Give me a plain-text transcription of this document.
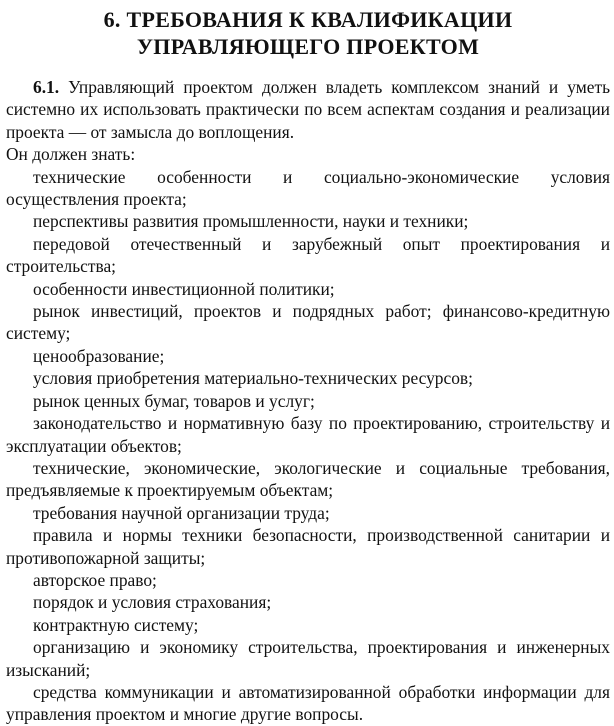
6. ТРЕБОВАНИЯ К КВАЛИФИКАЦИИ
УПРАВЛЯЮЩЕГО ПРОЕКТОМ

6.1. Управляющий проектом должен владеть комплексом знаний и уметь системно их использовать практически по всем аспектам создания и реализации проекта — от замысла до воплощения.

Он должен знать:

технические особенности и социально-экономические условия осуществления проекта;

перспективы развития промышленности, науки и техники;

передовой отечественный и зарубежный опыт проектирования и строительства;

особенности инвестиционной политики;

рынок инвестиций, проектов и подрядных работ; финансово-кредитную систему;

ценообразование;

условия приобретения материально-технических ресурсов;

рынок ценных бумаг, товаров и услуг;

законодательство и нормативную базу по проектированию, строительству и эксплуатации объектов;

технические, экономические, экологические и социальные требования, предъявляемые к проектируемым объектам;

требования научной организации труда;

правила и нормы техники безопасности, производственной санитарии и противопожарной защиты;

авторское право;

порядок и условия страхования;

контрактную систему;

организацию и экономику строительства, проектирования и инженерных изысканий;

средства коммуникации и автоматизированной обработки информации для управления проектом и многие другие вопросы.
